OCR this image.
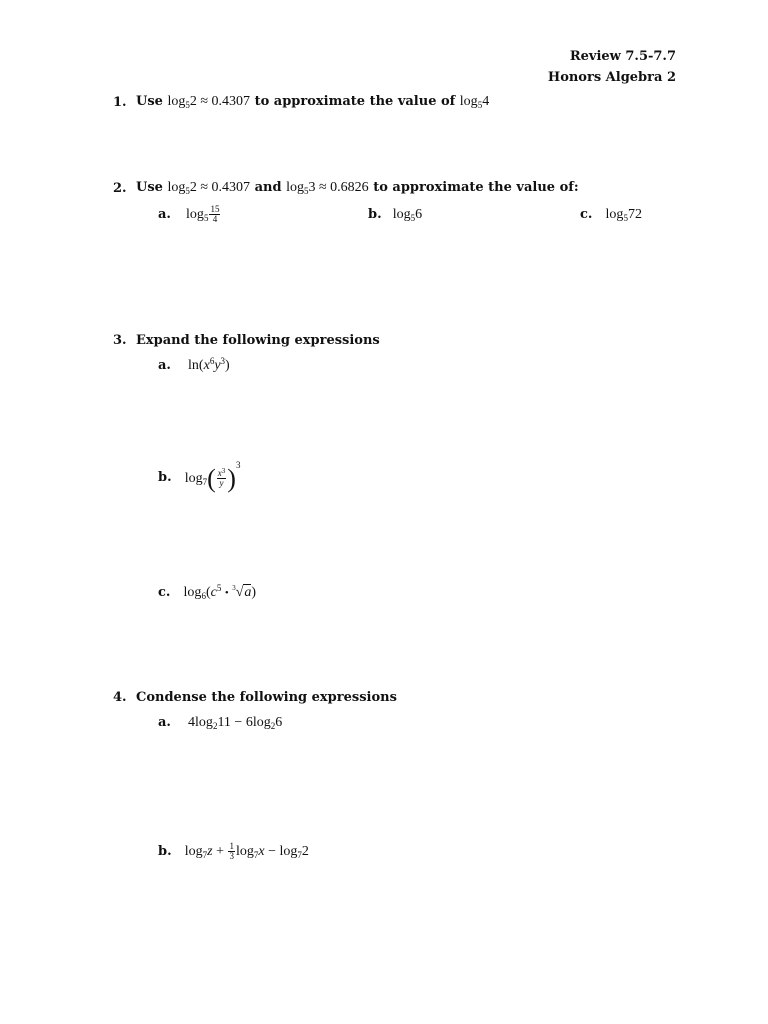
Review 7.5-7.7
Honors Algebra 2
1. Use $\log_52 \approx 0.4307$ to approximate the value of $\log_54$
2. Use $\log_52 \approx 0.4307$ and $\log_53 \approx 0.6826$ to approximate the value of:
a. $\log_5 \frac{15}{4}$	b. $\log_56$	c. $\log_572$
3. Expand the following expressions
a. $\ln(x^6y^3)$
b. $\log_7( \frac{x^3}{y} )^3$
c. $\log_6(c^5$ • $^3$√a)
4. Condense the following expressions
a. $4\log_211 - 6\log_26$
b. $\log_7z + \frac{1}{3} \log_7x - \log_72$
